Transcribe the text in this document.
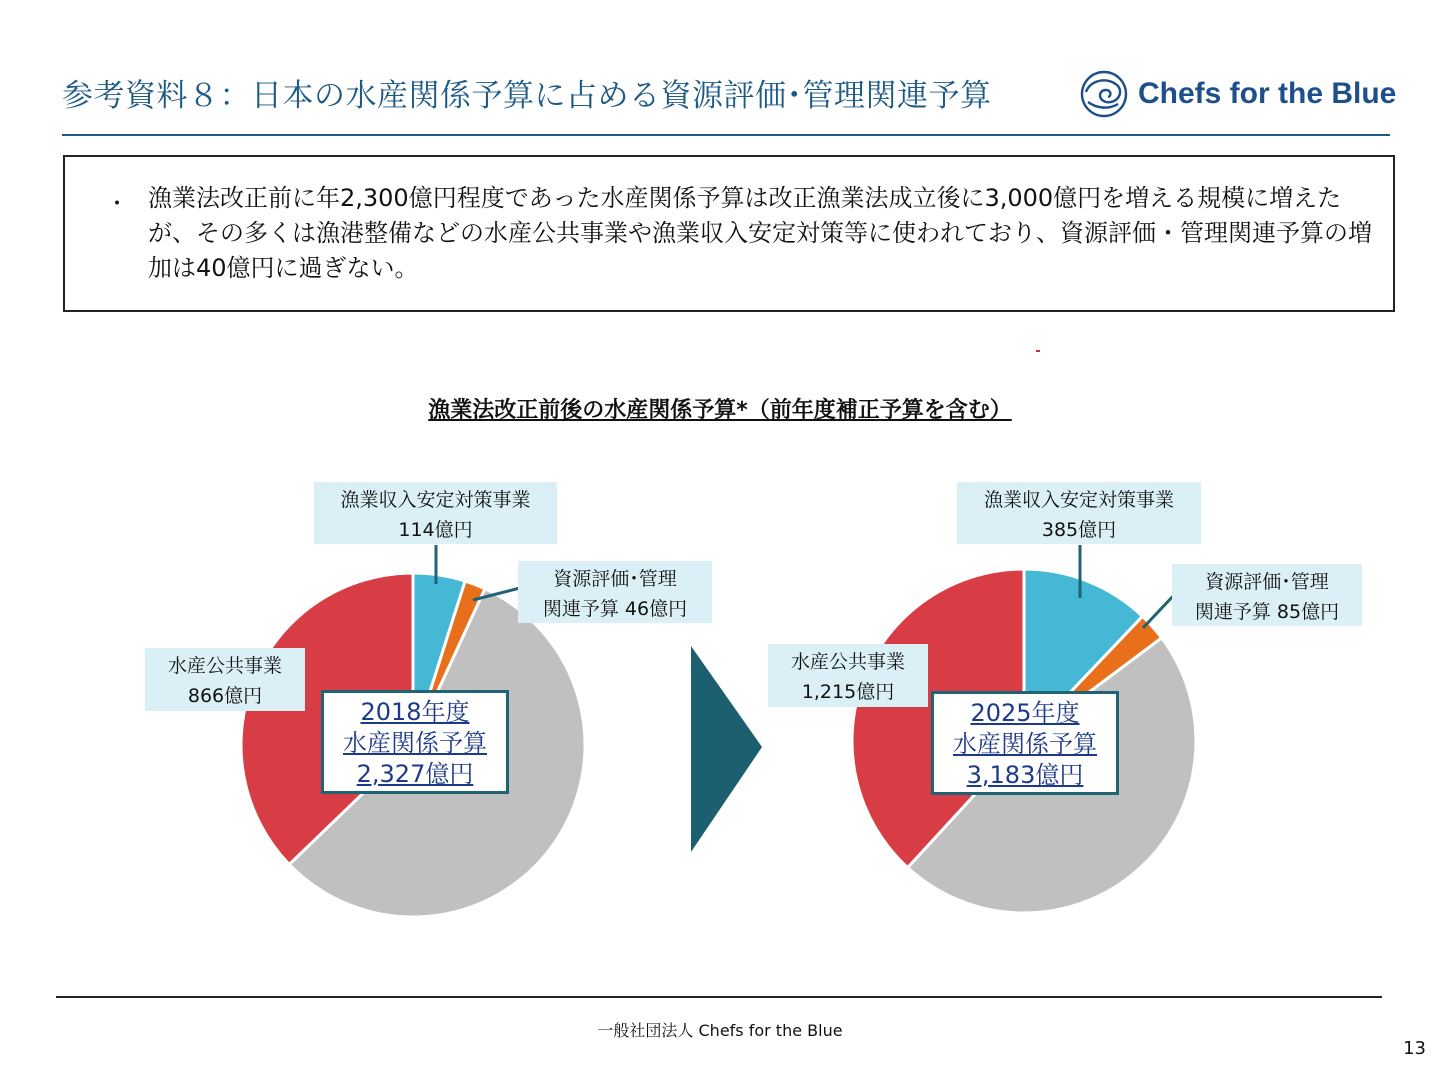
参考資料８：日本の水産関係予算に占める資源評価･管理関連予算	Chefs for the Blue
・ 漁業法改正前に年2,300億円程度であった水産関係予算は改正漁業法成立後に3,000億円を増える規模に増えたが、その多くは漁港整備などの水産公共事業や漁業収入安定対策等に使われており、資源評価・管理関連予算の増加は40億円に過ぎない。
漁業法改正前後の水産関係予算*（前年度補正予算を含む）
漁業収入安定対策事業
114億円
資源評価･管理
関連予算 46億円
水産公共事業
866億円
2018年度
水産関係予算
2,327億円
漁業収入安定対策事業
385億円
資源評価･管理
関連予算 85億円
水産公共事業
1,215億円
2025年度
水産関係予算
3,183億円
一般社団法人 Chefs for the Blue
13
